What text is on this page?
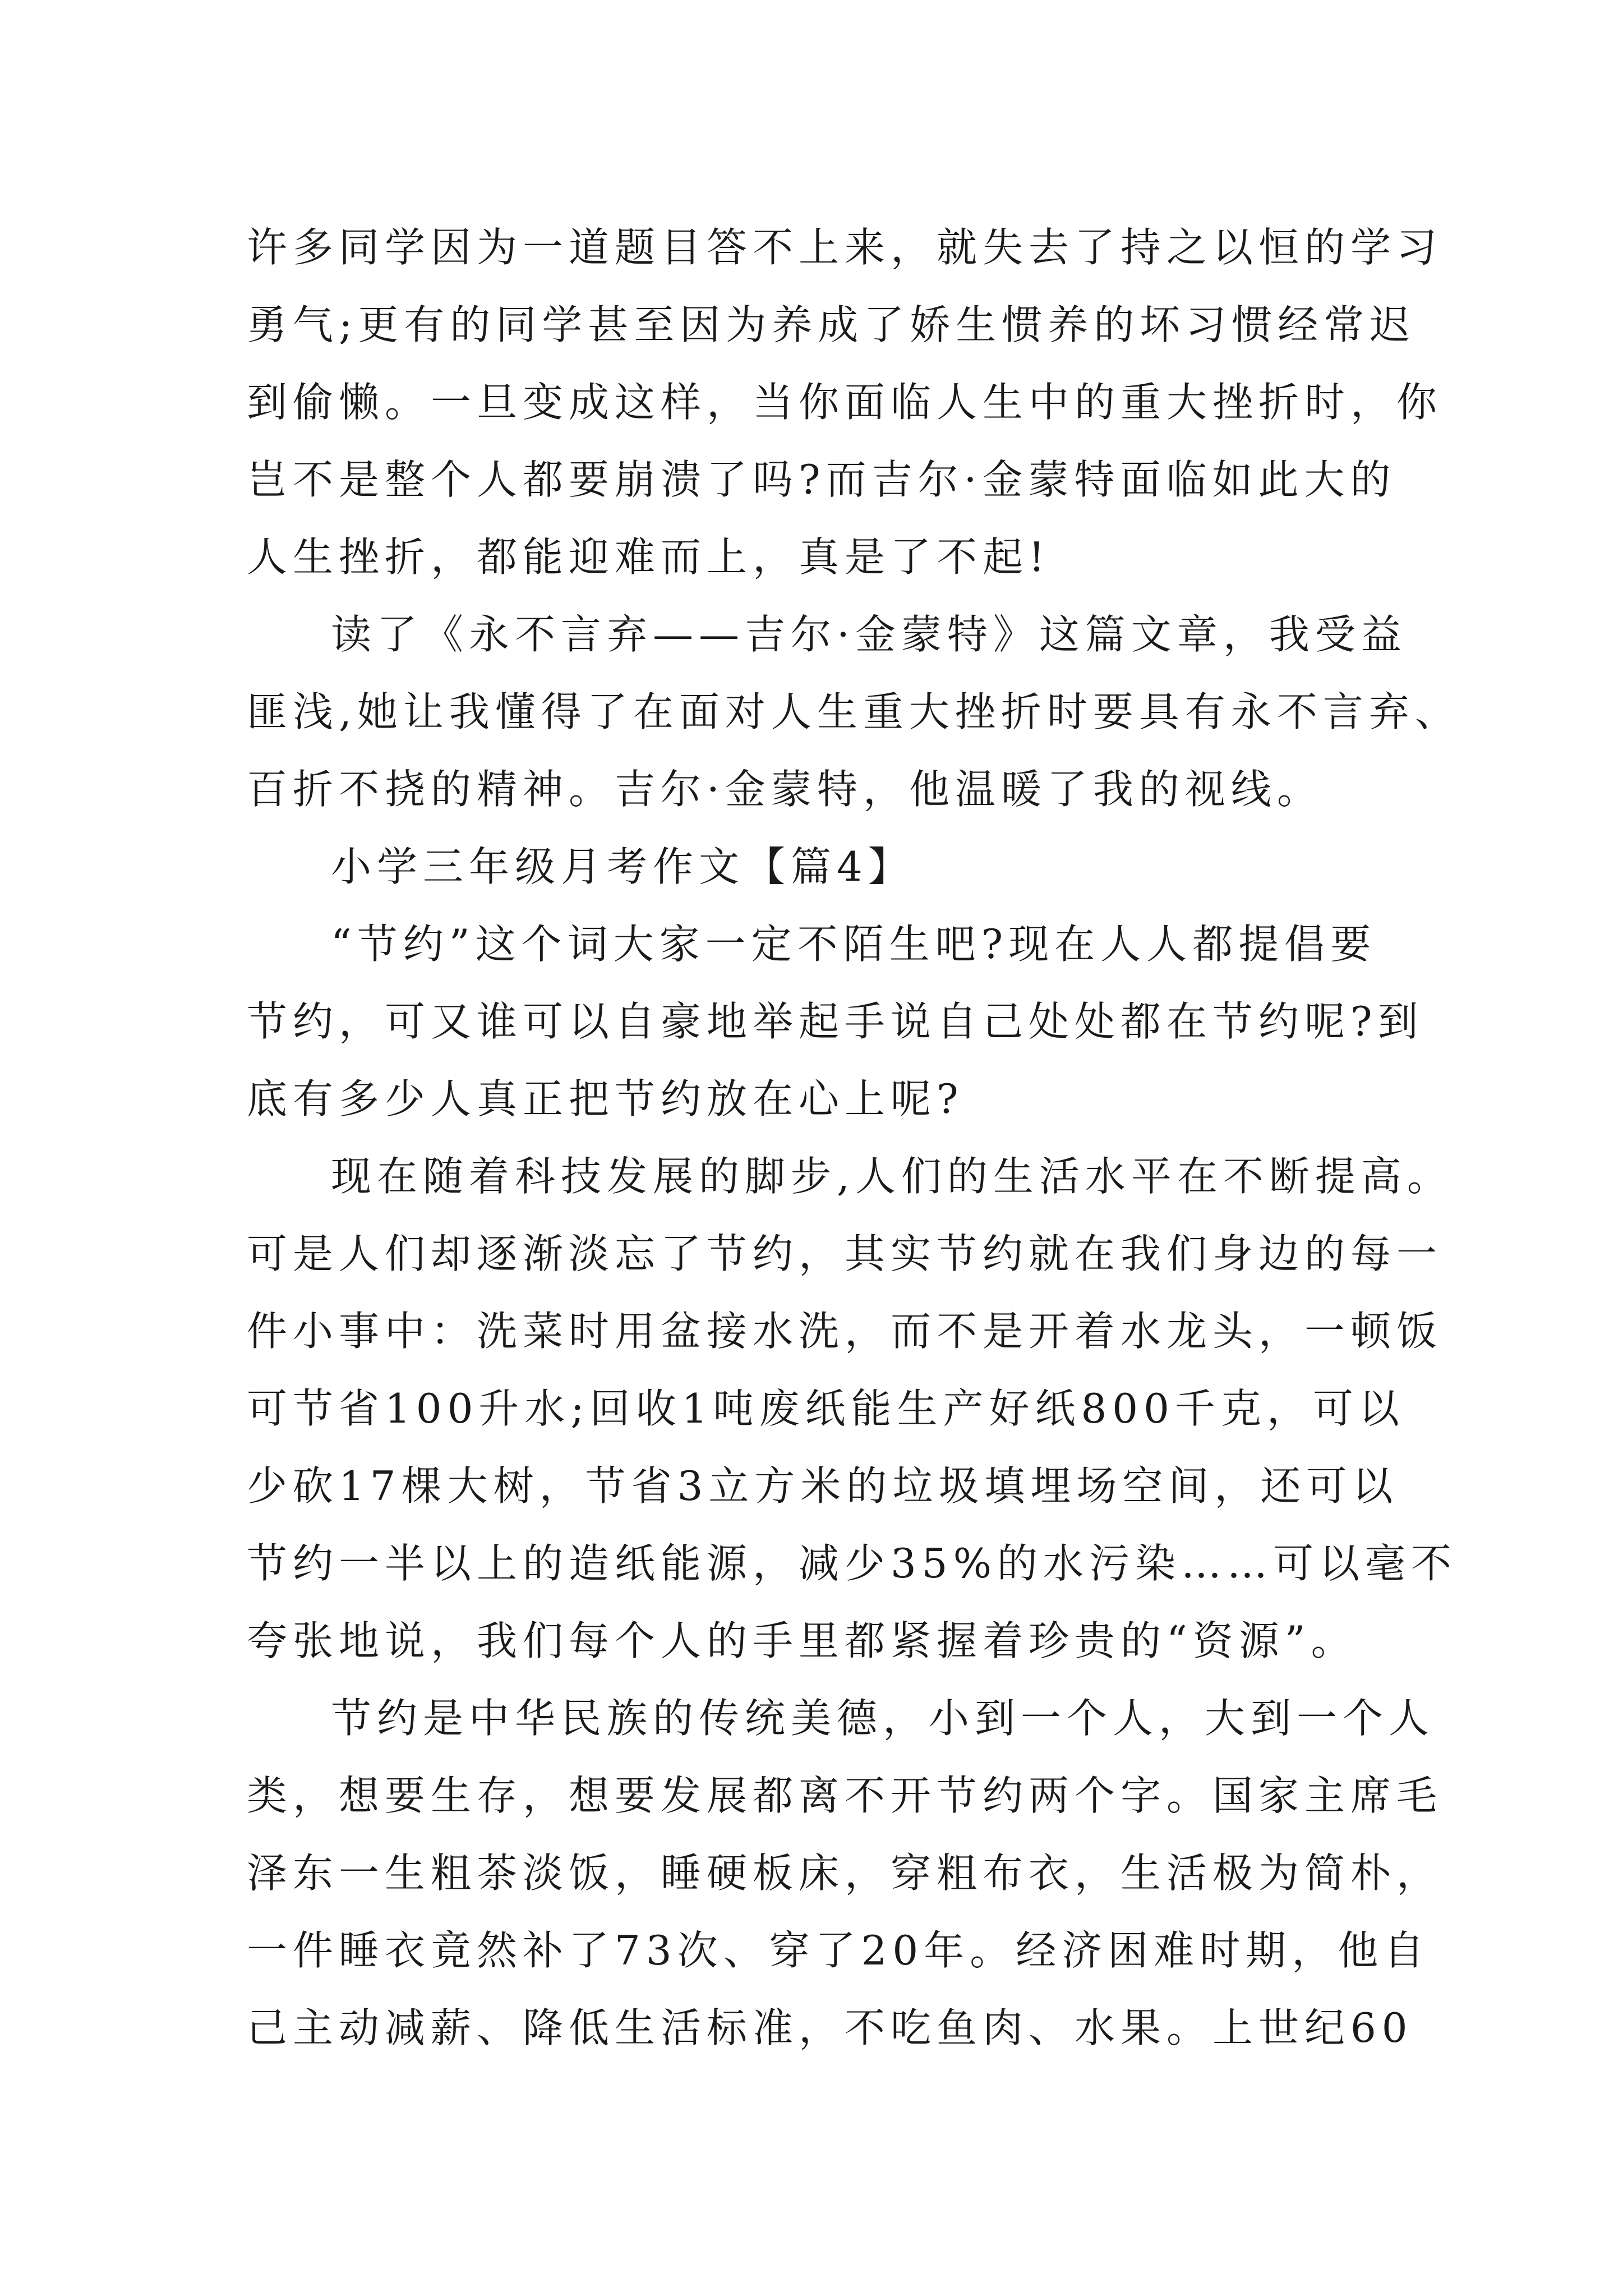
许多同学因为一道题目答不上来，就失去了持之以恒的学习
勇气;更有的同学甚至因为养成了娇生惯养的坏习惯经常迟
到偷懒。一旦变成这样，当你面临人生中的重大挫折时，你
岂不是整个人都要崩溃了吗?而吉尔·金蒙特面临如此大的
人生挫折，都能迎难而上，真是了不起!
读了《永不言弃——吉尔·金蒙特》这篇文章，我受益
匪浅,她让我懂得了在面对人生重大挫折时要具有永不言弃、
百折不挠的精神。吉尔·金蒙特，他温暖了我的视线。
小学三年级月考作文【篇4】
“节约”这个词大家一定不陌生吧?现在人人都提倡要
节约，可又谁可以自豪地举起手说自己处处都在节约呢?到
底有多少人真正把节约放在心上呢?
现在随着科技发展的脚步,人们的生活水平在不断提高。
可是人们却逐渐淡忘了节约，其实节约就在我们身边的每一
件小事中：洗菜时用盆接水洗，而不是开着水龙头，一顿饭
可节省100升水;回收1吨废纸能生产好纸800千克，可以
少砍17棵大树，节省3立方米的垃圾填埋场空间，还可以
节约一半以上的造纸能源，减少35%的水污染……可以毫不
夸张地说，我们每个人的手里都紧握着珍贵的“资源”。
节约是中华民族的传统美德，小到一个人，大到一个人
类，想要生存，想要发展都离不开节约两个字。国家主席毛
泽东一生粗茶淡饭，睡硬板床，穿粗布衣，生活极为简朴，
一件睡衣竟然补了73次、穿了20年。经济困难时期，他自
己主动减薪、降低生活标准，不吃鱼肉、水果。上世纪60
